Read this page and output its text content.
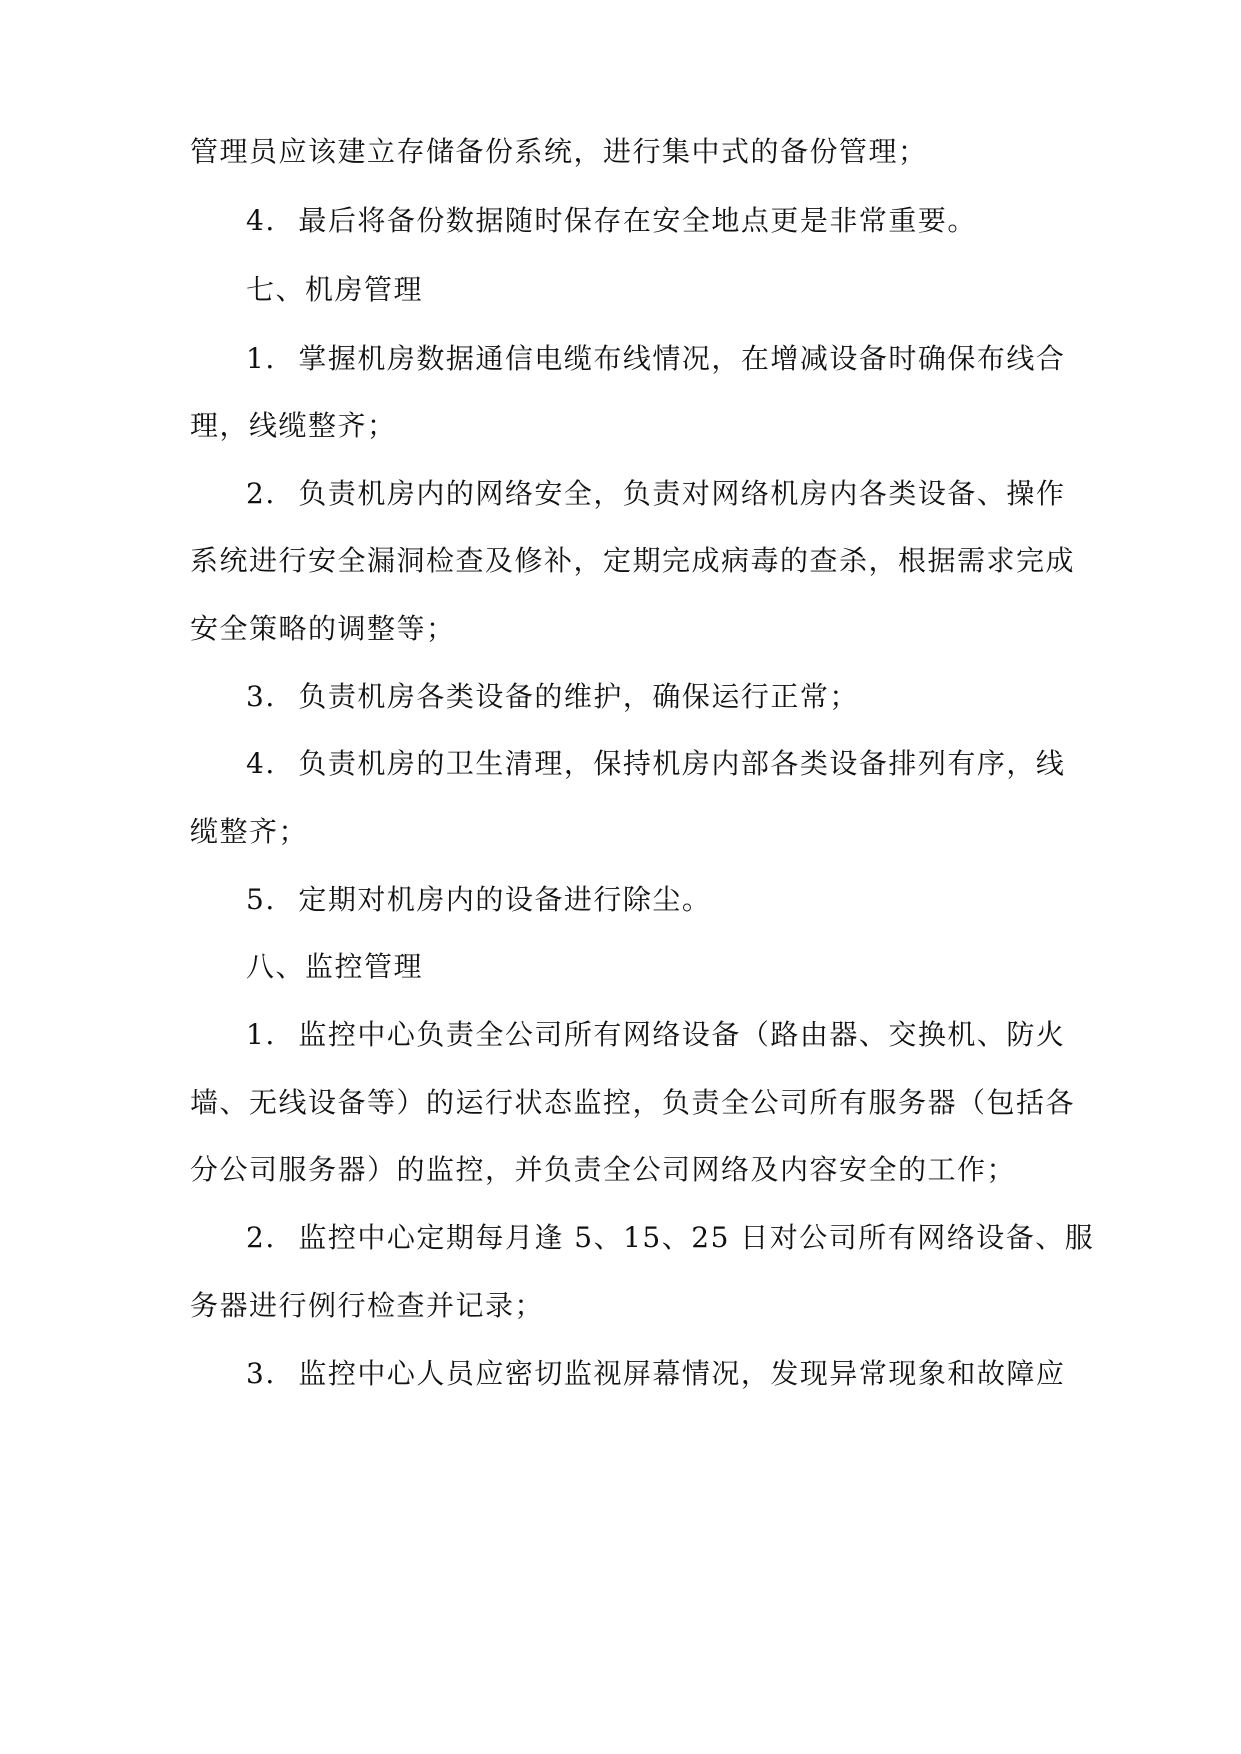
管理员应该建立存储备份系统，进行集中式的备份管理；
4. 最后将备份数据随时保存在安全地点更是非常重要。
七、机房管理
1. 掌握机房数据通信电缆布线情况，在增减设备时确保布线合
理，线缆整齐；
2. 负责机房内的网络安全，负责对网络机房内各类设备、操作
系统进行安全漏洞检查及修补，定期完成病毒的查杀，根据需求完成
安全策略的调整等；
3. 负责机房各类设备的维护，确保运行正常；
4. 负责机房的卫生清理，保持机房内部各类设备排列有序，线
缆整齐；
5. 定期对机房内的设备进行除尘。
八、监控管理
1. 监控中心负责全公司所有网络设备（路由器、交换机、防火
墙、无线设备等）的运行状态监控，负责全公司所有服务器（包括各
分公司服务器）的监控，并负责全公司网络及内容安全的工作；
2. 监控中心定期每月逢 5、15、25 日对公司所有网络设备、服
务器进行例行检查并记录；
3. 监控中心人员应密切监视屏幕情况，发现异常现象和故障应
